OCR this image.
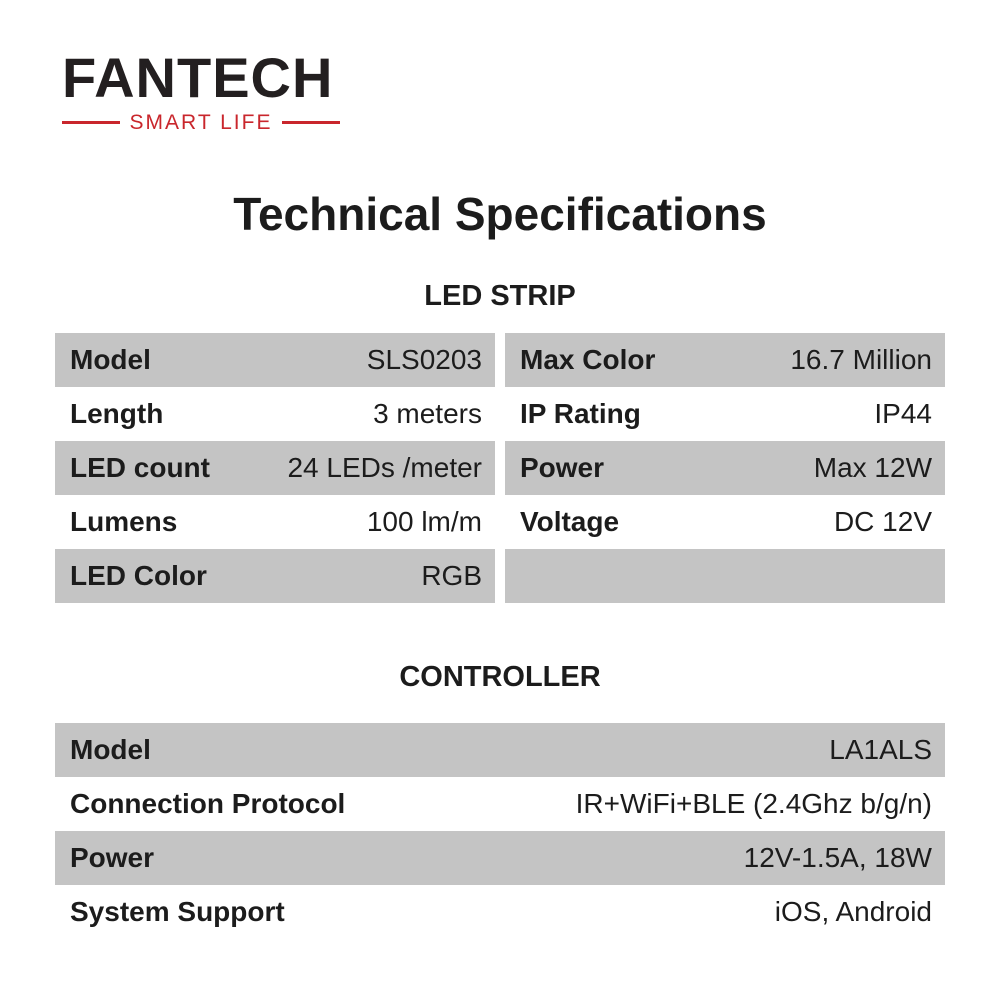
FANTECH
SMART LIFE
Technical Specifications
LED STRIP
Model	SLS0203
Length	3 meters
LED count	24 LEDs /meter
Lumens	100 lm/m
LED Color	RGB
Max Color	16.7 Million
IP Rating	IP44
Power	Max 12W
Voltage	DC 12V
CONTROLLER
Model	LA1ALS
Connection Protocol	IR+WiFi+BLE (2.4Ghz b/g/n)
Power	12V-1.5A, 18W
System Support	iOS, Android
